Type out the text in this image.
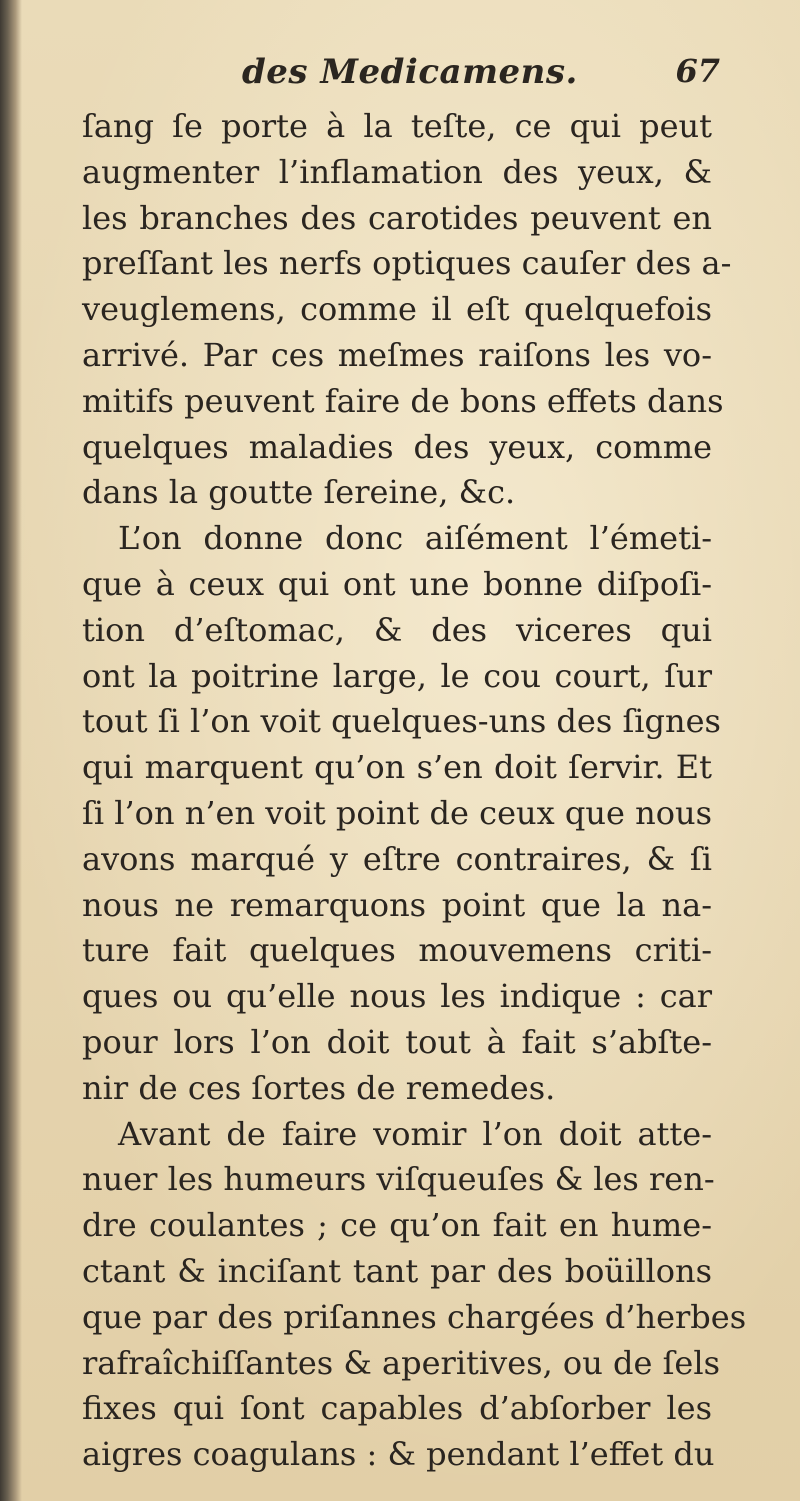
des Medicamens.	67
ſang ſe porte à la teſte, ce qui peut
augmenter l’inflamation des yeux, &
les branches des carotides peuvent en
preſſant les nerfs optiques cauſer des a-
veuglemens, comme il eſt quelquefois
arrivé. Par ces meſmes raiſons les vo-
mitifs peuvent faire de bons effets dans
quelques maladies des yeux, comme
dans la goutte ſereine, &c.
L’on donne donc aiſément l’émeti-
que à ceux qui ont une bonne diſpoſi-
tion d’eſtomac, & des viceres qui
ont la poitrine large, le cou court, ſur
tout ſi l’on voit quelques-uns des ſignes
qui marquent qu’on s’en doit ſervir. Et
ſi l’on n’en voit point de ceux que nous
avons marqué y eſtre contraires, & ſi
nous ne remarquons point que la na-
ture fait quelques mouvemens criti-
ques ou qu’elle nous les indique : car
pour lors l’on doit tout à fait s’abſte-
nir de ces ſortes de remedes.
Avant de faire vomir l’on doit atte-
nuer les humeurs viſqueuſes & les ren-
dre coulantes ; ce qu’on fait en hume-
ctant & inciſant tant par des boüillons
que par des priſannes chargées d’herbes
rafraîchiſſantes & aperitives, ou de ſels
fixes qui ſont capables d’abſorber les
aigres coagulans : & pendant l’effet du
